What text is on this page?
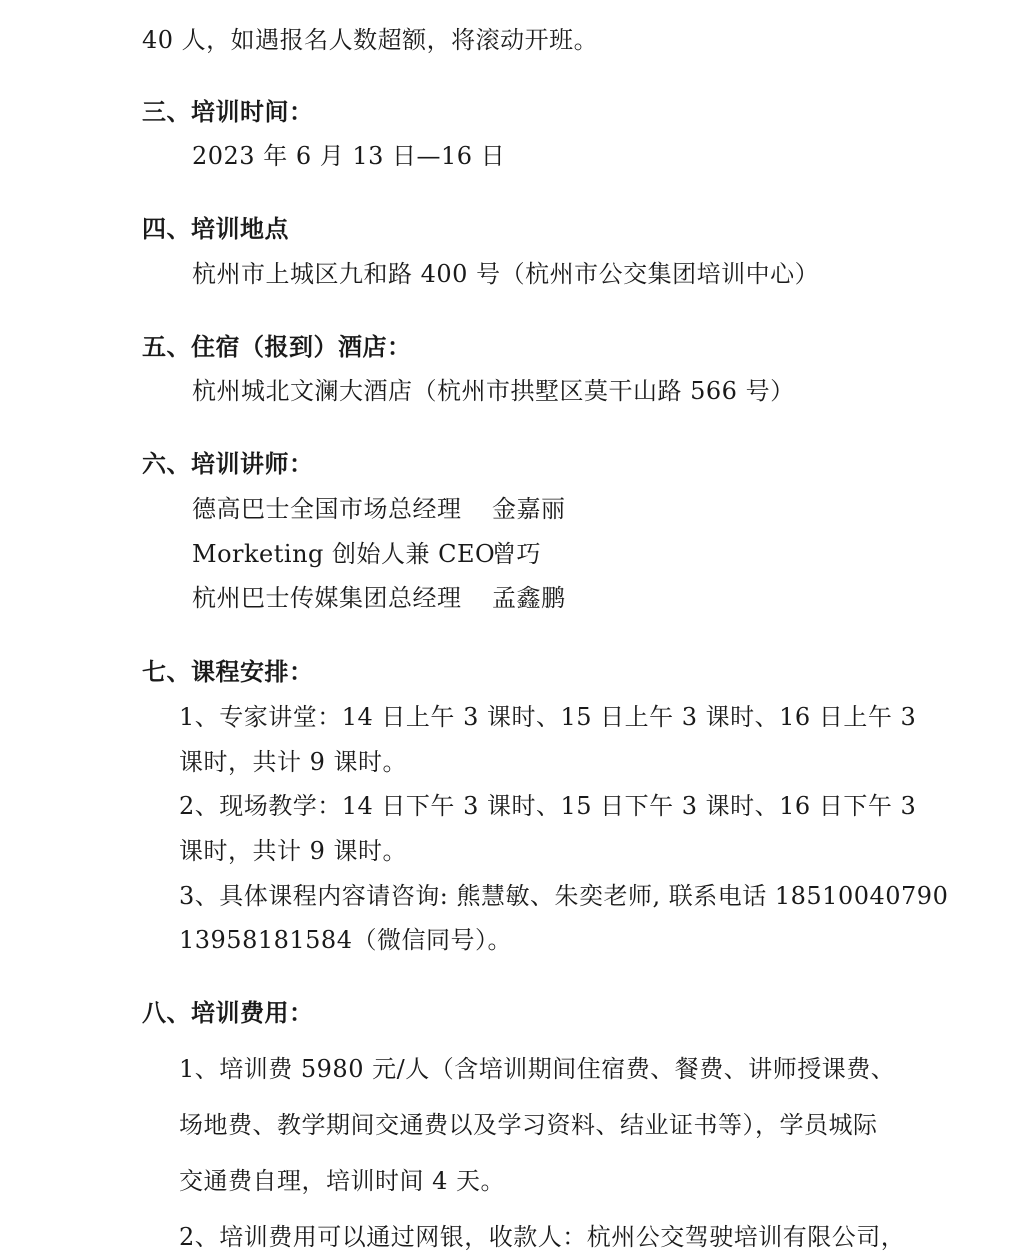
40 人，如遇报名人数超额，将滚动开班。
三、培训时间：
2023 年 6 月 13 日—16 日
四、培训地点
杭州市上城区九和路 400 号（杭州市公交集团培训中心）
五、住宿（报到）酒店：
杭州城北文澜大酒店（杭州市拱墅区莫干山路 566 号）
六、培训讲师：
德高巴士全国市场总经理 金嘉丽
Morketing 创始人兼 CEO曾巧
杭州巴士传媒集团总经理 孟鑫鹏
七、课程安排：
1、专家讲堂：14 日上午 3 课时、15 日上午 3 课时、16 日上午 3
课时，共计 9 课时。
2、现场教学：14 日下午 3 课时、15 日下午 3 课时、16 日下午 3
课时，共计 9 课时。
3、具体课程内容请咨询: 熊慧敏、朱奕老师, 联系电话 18510040790
13958181584（微信同号）。
八、培训费用：
1、培训费 5980 元/人（含培训期间住宿费、餐费、讲师授课费、
场地费、教学期间交通费以及学习资料、结业证书等），学员城际
交通费自理，培训时间 4 天。
2、培训费用可以通过网银，收款人：杭州公交驾驶培训有限公司，
